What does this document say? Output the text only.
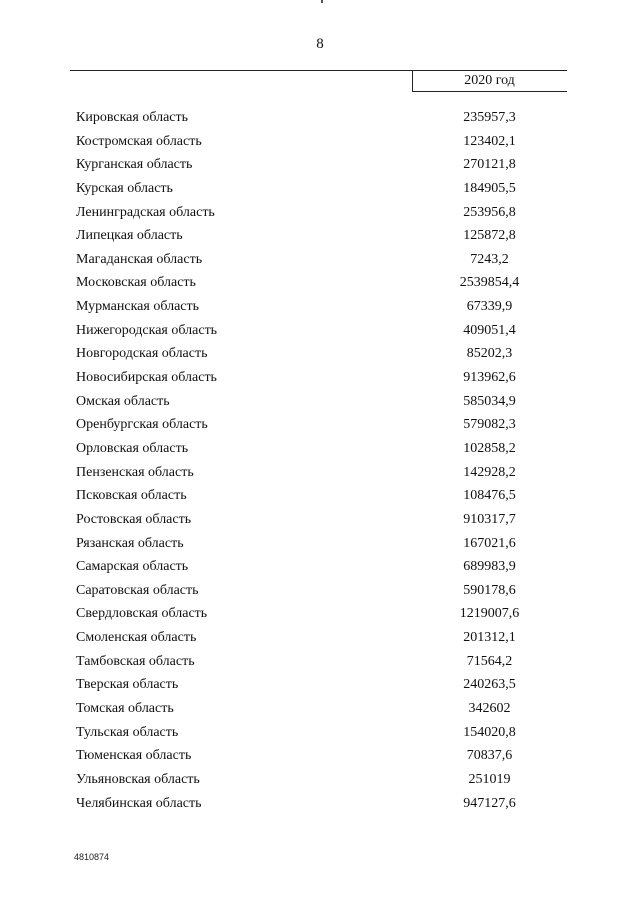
8
2020 год
Кировская область	235957,3
Костромская область	123402,1
Курганская область	270121,8
Курская область	184905,5
Ленинградская область	253956,8
Липецкая область	125872,8
Магаданская область	7243,2
Московская область	2539854,4
Мурманская область	67339,9
Нижегородская область	409051,4
Новгородская область	85202,3
Новосибирская область	913962,6
Омская область	585034,9
Оренбургская область	579082,3
Орловская область	102858,2
Пензенская область	142928,2
Псковская область	108476,5
Ростовская область	910317,7
Рязанская область	167021,6
Самарская область	689983,9
Саратовская область	590178,6
Свердловская область	1219007,6
Смоленская область	201312,1
Тамбовская область	71564,2
Тверская область	240263,5
Томская область	342602
Тульская область	154020,8
Тюменская область	70837,6
Ульяновская область	251019
Челябинская область	947127,6
4810874
